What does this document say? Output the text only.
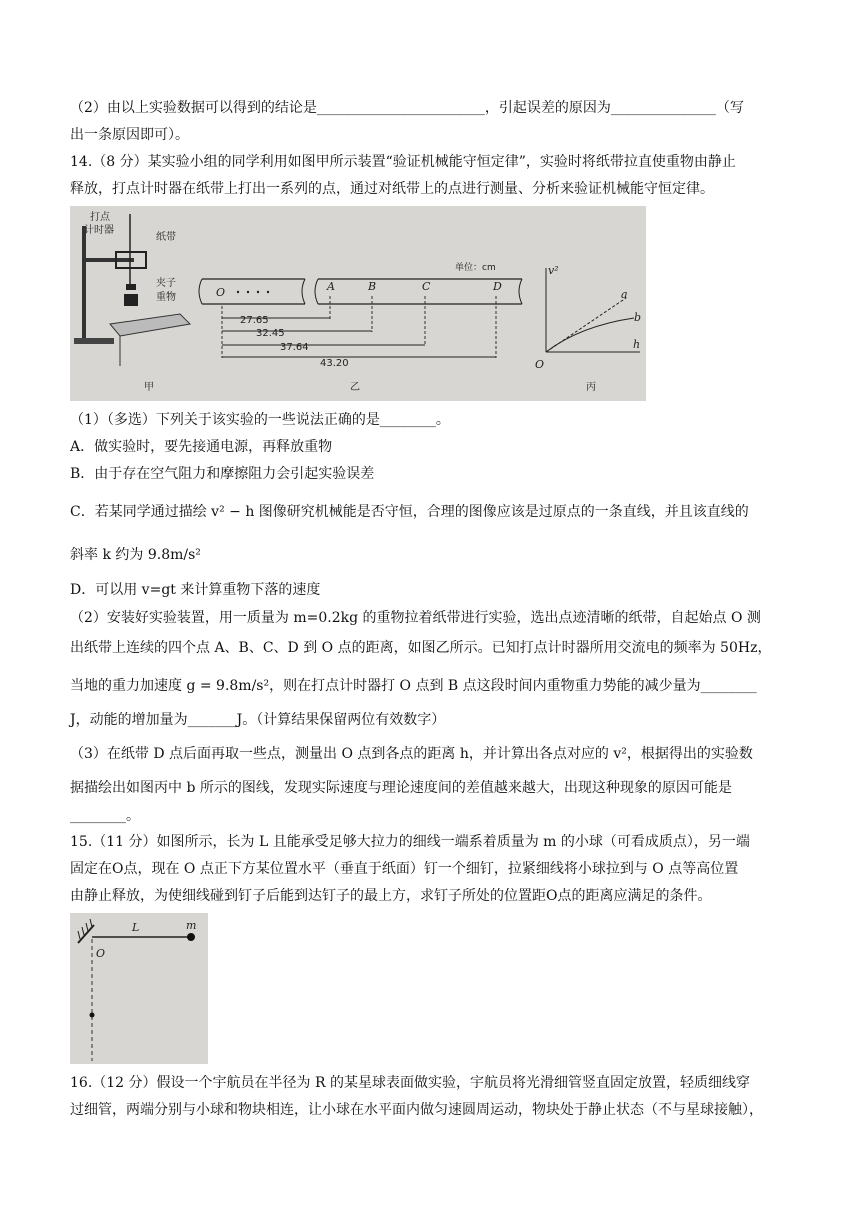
（2）由以上实验数据可以得到的结论是________________________，引起误差的原因为_______________（写
出一条原因即可）。
14.（8 分）某实验小组的同学利用如图甲所示装置“验证机械能守恒定律”，实验时将纸带拉直使重物由静止
释放，打点计时器在纸带上打出一系列的点，通过对纸带上的点进行测量、分析来验证机械能守恒定律。
打点
计时器
纸带
夹子
重物
甲
O	A	B	C	D
单位：cm
27.65
32.45
37.64
43.20
乙
v²
h
O
a
b
丙
（1）（多选）下列关于该实验的一些说法正确的是________。
A．做实验时，要先接通电源，再释放重物
B．由于存在空气阻力和摩擦阻力会引起实验误差
C．若某同学通过描绘 v² − h 图像研究机械能是否守恒，合理的图像应该是过原点的一条直线，并且该直线的
斜率 k 约为 9.8m/s²
D．可以用 v=gt 来计算重物下落的速度
（2）安装好实验装置，用一质量为 m=0.2kg 的重物拉着纸带进行实验，选出点迹清晰的纸带，自起始点 O 测
出纸带上连续的四个点 A、B、C、D 到 O 点的距离，如图乙所示。已知打点计时器所用交流电的频率为 50Hz，
当地的重力加速度 g = 9.8m/s²，则在打点计时器打 O 点到 B 点这段时间内重物重力势能的减少量为________
J，动能的增加量为_______J。（计算结果保留两位有效数字）
（3）在纸带 D 点后面再取一些点，测量出 O 点到各点的距离 h，并计算出各点对应的 v²，根据得出的实验数
据描绘出如图丙中 b 所示的图线，发现实际速度与理论速度间的差值越来越大，出现这种现象的原因可能是
________。
15.（11 分）如图所示，长为 L 且能承受足够大拉力的细线一端系着质量为 m 的小球（可看成质点），另一端
固定在O点，现在 O 点正下方某位置水平（垂直于纸面）钉一个细钉，拉紧细线将小球拉到与 O 点等高位置
由静止释放，为使细线碰到钉子后能到达钉子的最上方，求钉子所处的位置距O点的距离应满足的条件。
L	m
O
16.（12 分）假设一个宇航员在半径为 R 的某星球表面做实验，宇航员将光滑细管竖直固定放置，轻质细线穿
过细管，两端分别与小球和物块相连，让小球在水平面内做匀速圆周运动，物块处于静止状态（不与星球接触），
